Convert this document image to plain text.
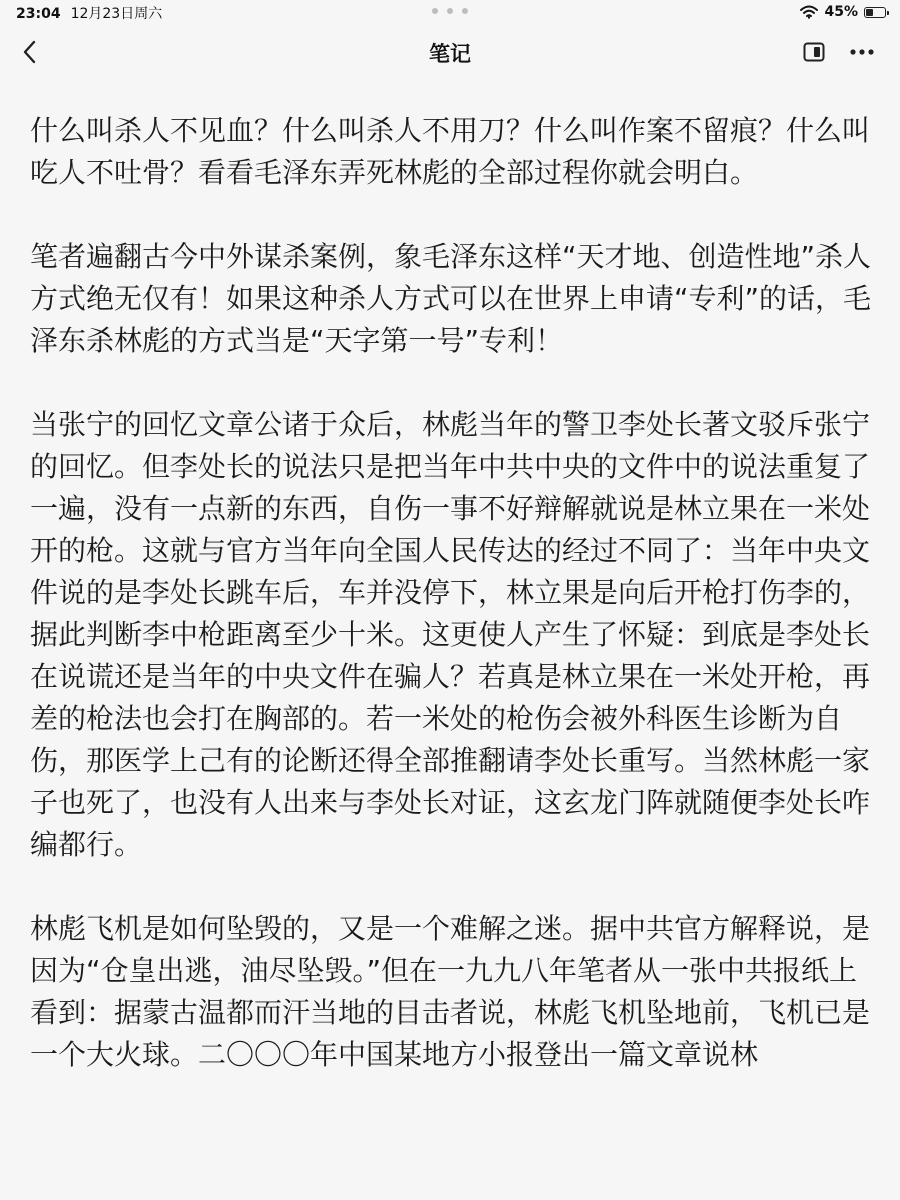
23:04 12月23日周六	45%
笔记

什么叫杀人不见血？什么叫杀人不用刀？什么叫作案不留痕？什么叫吃人不吐骨？看看毛泽东弄死林彪的全部过程你就会明白。

笔者遍翻古今中外谋杀案例，象毛泽东这样“天才地、创造性地”杀人方式绝无仅有！如果这种杀人方式可以在世界上申请“专利”的话，毛泽东杀林彪的方式当是“天字第一号”专利！

当张宁的回忆文章公诸于众后，林彪当年的警卫李处长著文驳斥张宁的回忆。但李处长的说法只是把当年中共中央的文件中的说法重复了一遍，没有一点新的东西，自伤一事不好辩解就说是林立果在一米处开的枪。这就与官方当年向全国人民传达的经过不同了：当年中央文件说的是李处长跳车后，车并没停下，林立果是向后开枪打伤李的，据此判断李中枪距离至少十米。这更使人产生了怀疑：到底是李处长在说谎还是当年的中央文件在骗人？若真是林立果在一米处开枪，再差的枪法也会打在胸部的。若一米处的枪伤会被外科医生诊断为自伤，那医学上己有的论断还得全部推翻请李处长重写。当然林彪一家子也死了，也没有人出来与李处长对证，这玄龙门阵就随便李处长咋编都行。

林彪飞机是如何坠毁的，又是一个难解之迷。据中共官方解释说，是因为“仓皇出逃，油尽坠毁。”但在一九九八年笔者从一张中共报纸上看到：据蒙古温都而汗当地的目击者说，林彪飞机坠地前，飞机已是一个大火球。二〇〇〇年中国某地方小报登出一篇文章说林
